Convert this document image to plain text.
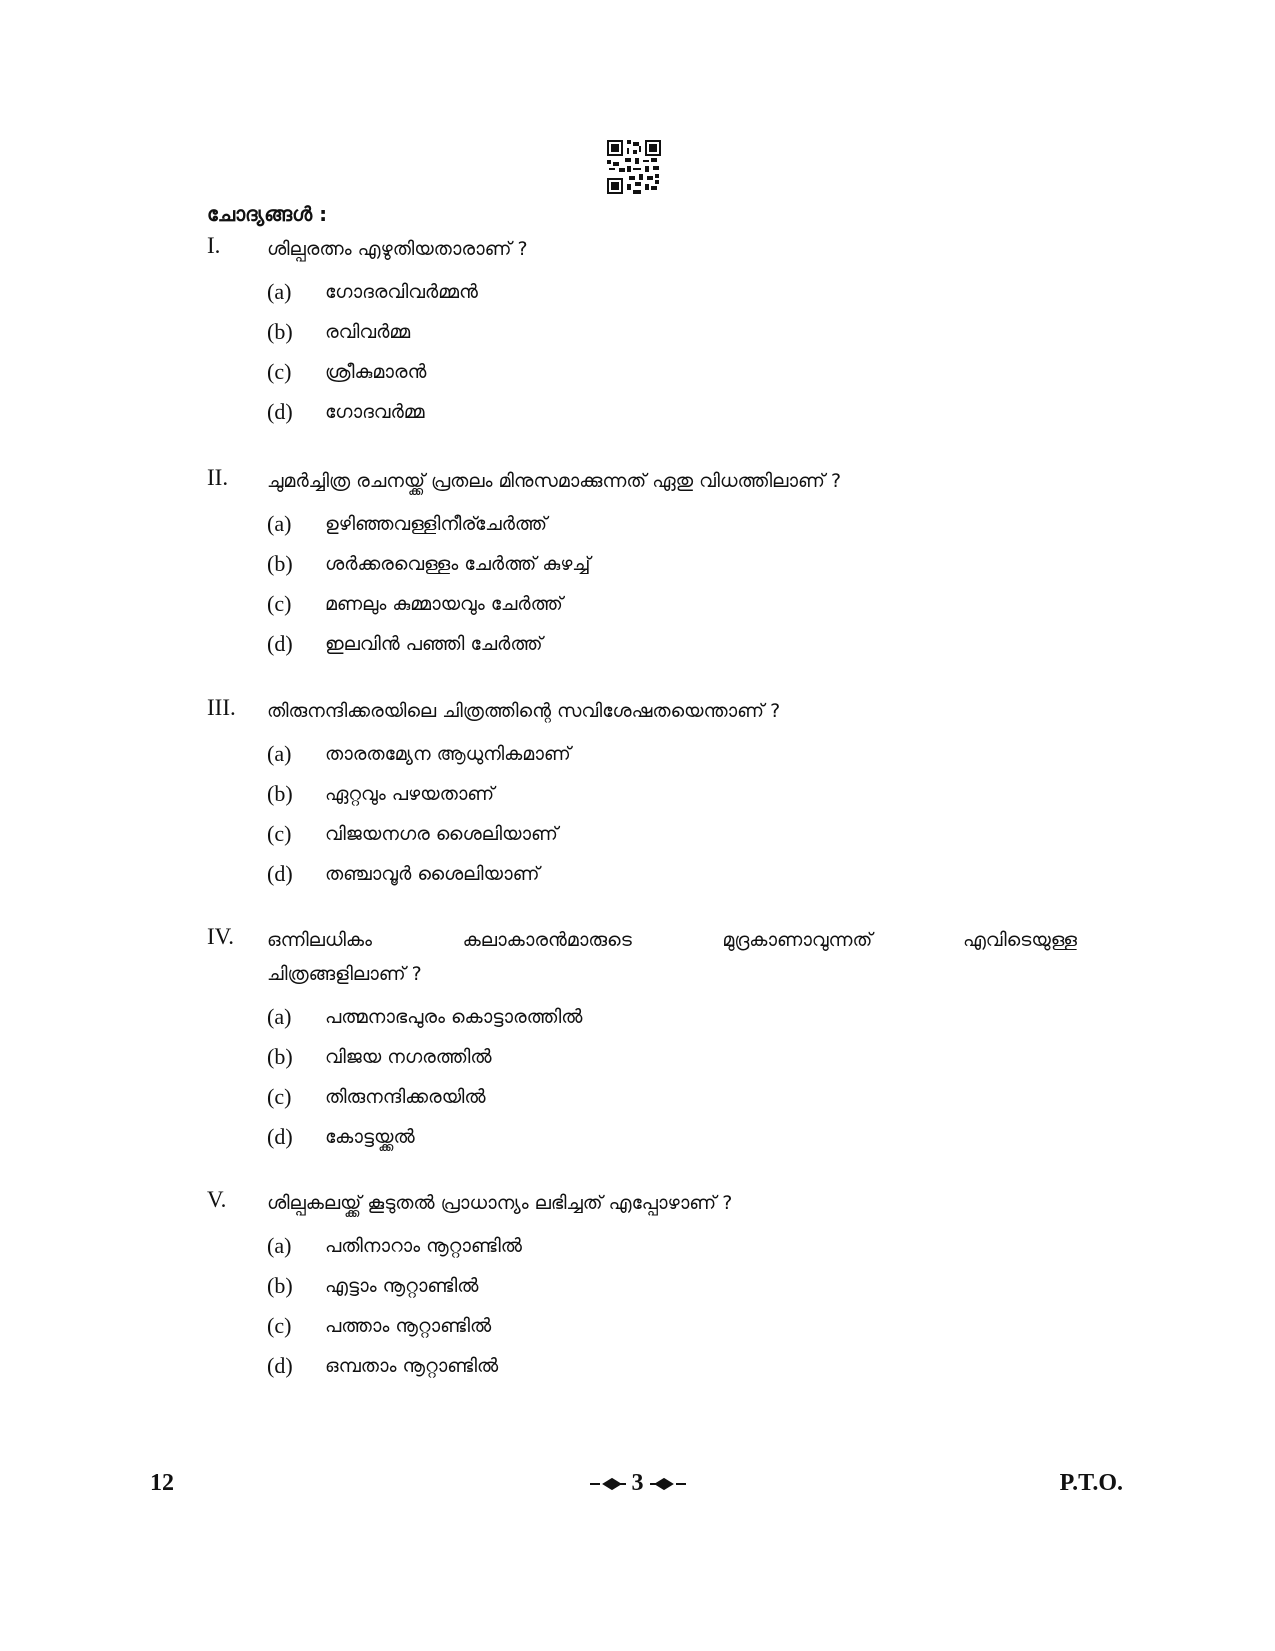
ചോദ്യങ്ങൾ :
I.	ശില്പരത്നം എഴുതിയതാരാണ് ?
(a)	ഗോദരവിവർമ്മൻ
(b)	രവിവർമ്മ
(c)	ശ്രീകുമാരൻ
(d)	ഗോദവർമ്മ
II.	ചുമർച്ചിത്ര രചനയ്ക്ക് പ്രതലം മിനുസമാക്കുന്നത് ഏതു വിധത്തിലാണ് ?
(a)	ഉഴിഞ്ഞവള്ളിനീര്ചേർത്ത്
(b)	ശർക്കരവെള്ളം ചേർത്ത് കുഴച്ച്
(c)	മണലും കുമ്മായവും ചേർത്ത്
(d)	ഇലവിൻ പഞ്ഞി ചേർത്ത്
III.	തിരുനന്ദിക്കരയിലെ ചിത്രത്തിന്റെ സവിശേഷതയെന്താണ് ?
(a)	താരതമ്യേന ആധുനികമാണ്
(b)	ഏറ്റവും പഴയതാണ്
(c)	വിജയനഗര ശൈലിയാണ്
(d)	തഞ്ചാവൂർ ശൈലിയാണ്
IV.	ഒന്നിലധികം	കലാകാരൻമാരുടെ	മുദ്രകാണാവുന്നത്	എവിടെയുള്ള
ചിത്രങ്ങളിലാണ് ?
(a)	പത്മനാഭപുരം കൊട്ടാരത്തിൽ
(b)	വിജയ നഗരത്തിൽ
(c)	തിരുനന്ദിക്കരയിൽ
(d)	കോട്ടയ്ക്കൽ
V.	ശില്പകലയ്ക്ക് കൂടുതൽ പ്രാധാന്യം ലഭിച്ചത് എപ്പോഴാണ് ?
(a)	പതിനാറാം നൂറ്റാണ്ടിൽ
(b)	എട്ടാം നൂറ്റാണ്ടിൽ
(c)	പത്താം നൂറ്റാണ്ടിൽ
(d)	ഒമ്പതാം നൂറ്റാണ്ടിൽ
12	3	P.T.O.
